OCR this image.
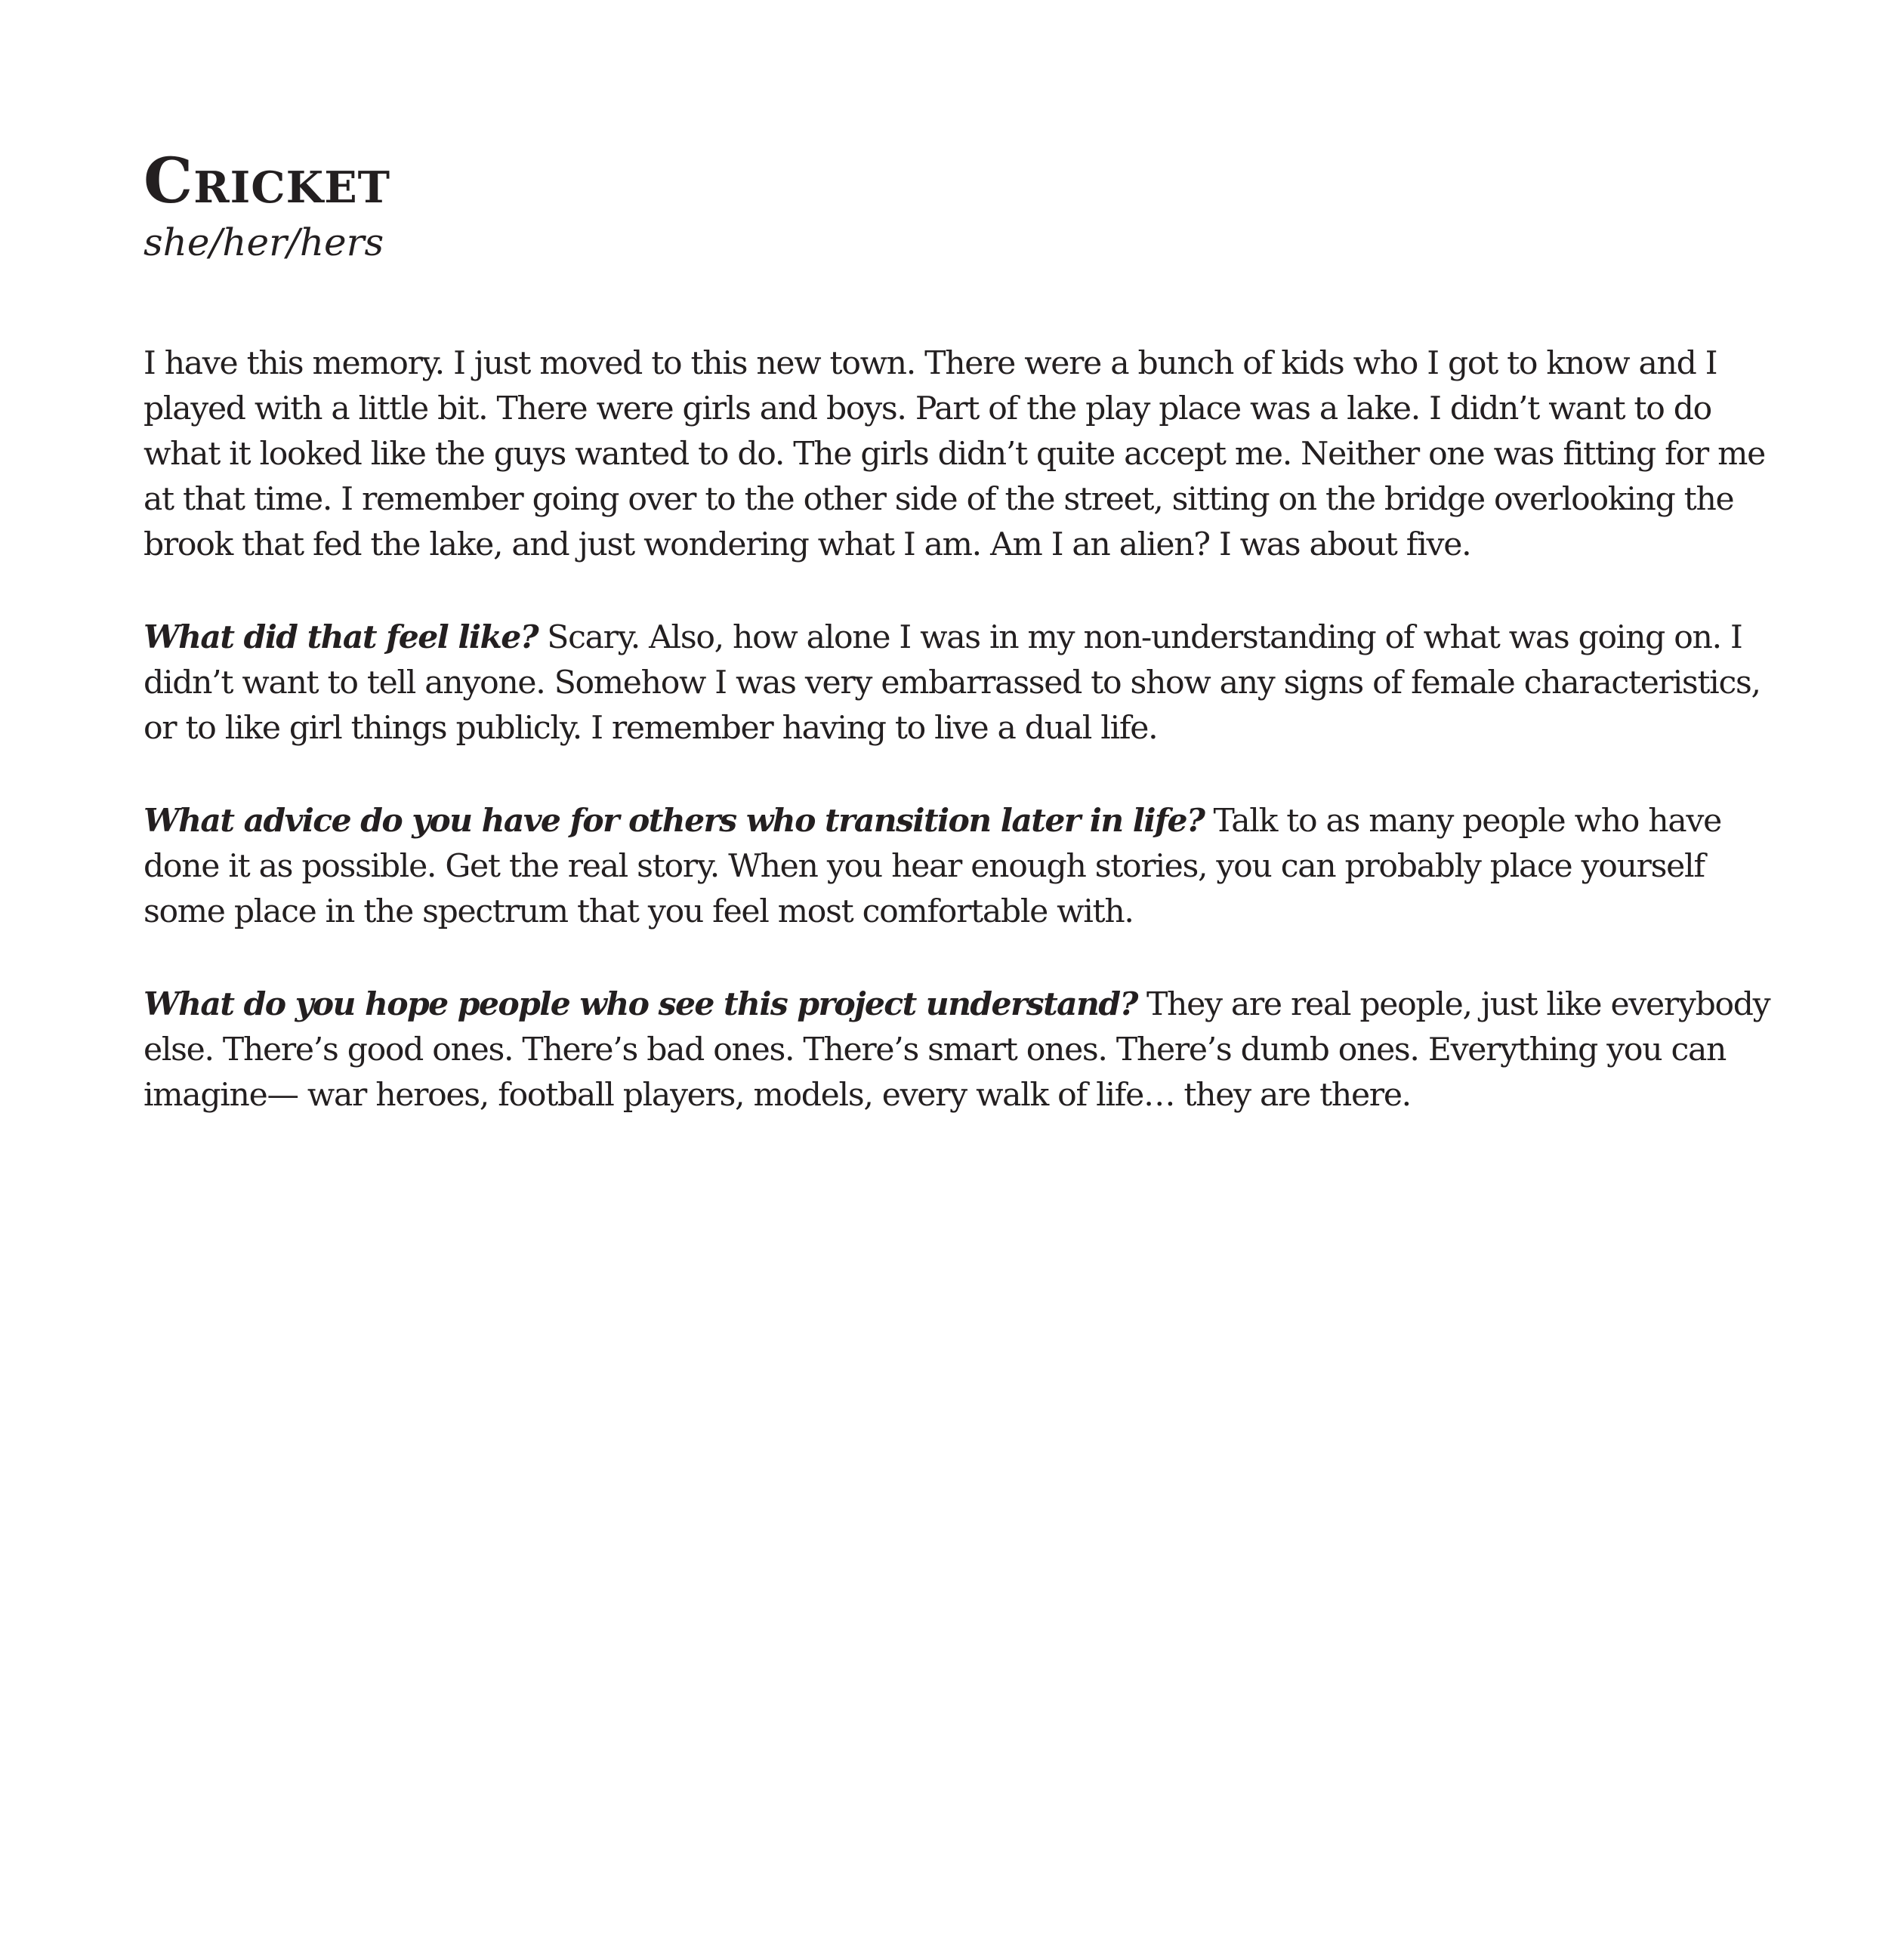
Cricket

she/her/hers

I have this memory. I just moved to this new town. There were a bunch of kids who I got to know and I played with a little bit. There were girls and boys. Part of the play place was a lake. I didn’t want to do what it looked like the guys wanted to do. The girls didn’t quite accept me. Neither one was fitting for me at that time. I remember going over to the other side of the street, sitting on the bridge overlooking the brook that fed the lake, and just wondering what I am. Am I an alien? I was about five.

What did that feel like? Scary. Also, how alone I was in my non-understanding of what was going on. I didn’t want to tell anyone. Somehow I was very embarrassed to show any signs of female characteristics, or to like girl things publicly. I remember having to live a dual life.

What advice do you have for others who transition later in life? Talk to as many people who have done it as possible. Get the real story. When you hear enough stories, you can probably place yourself some place in the spectrum that you feel most comfortable with.

What do you hope people who see this project understand? They are real people, just like everybody else. There’s good ones. There’s bad ones. There’s smart ones. There’s dumb ones. Everything you can imagine— war heroes, football players, models, every walk of life… they are there.
